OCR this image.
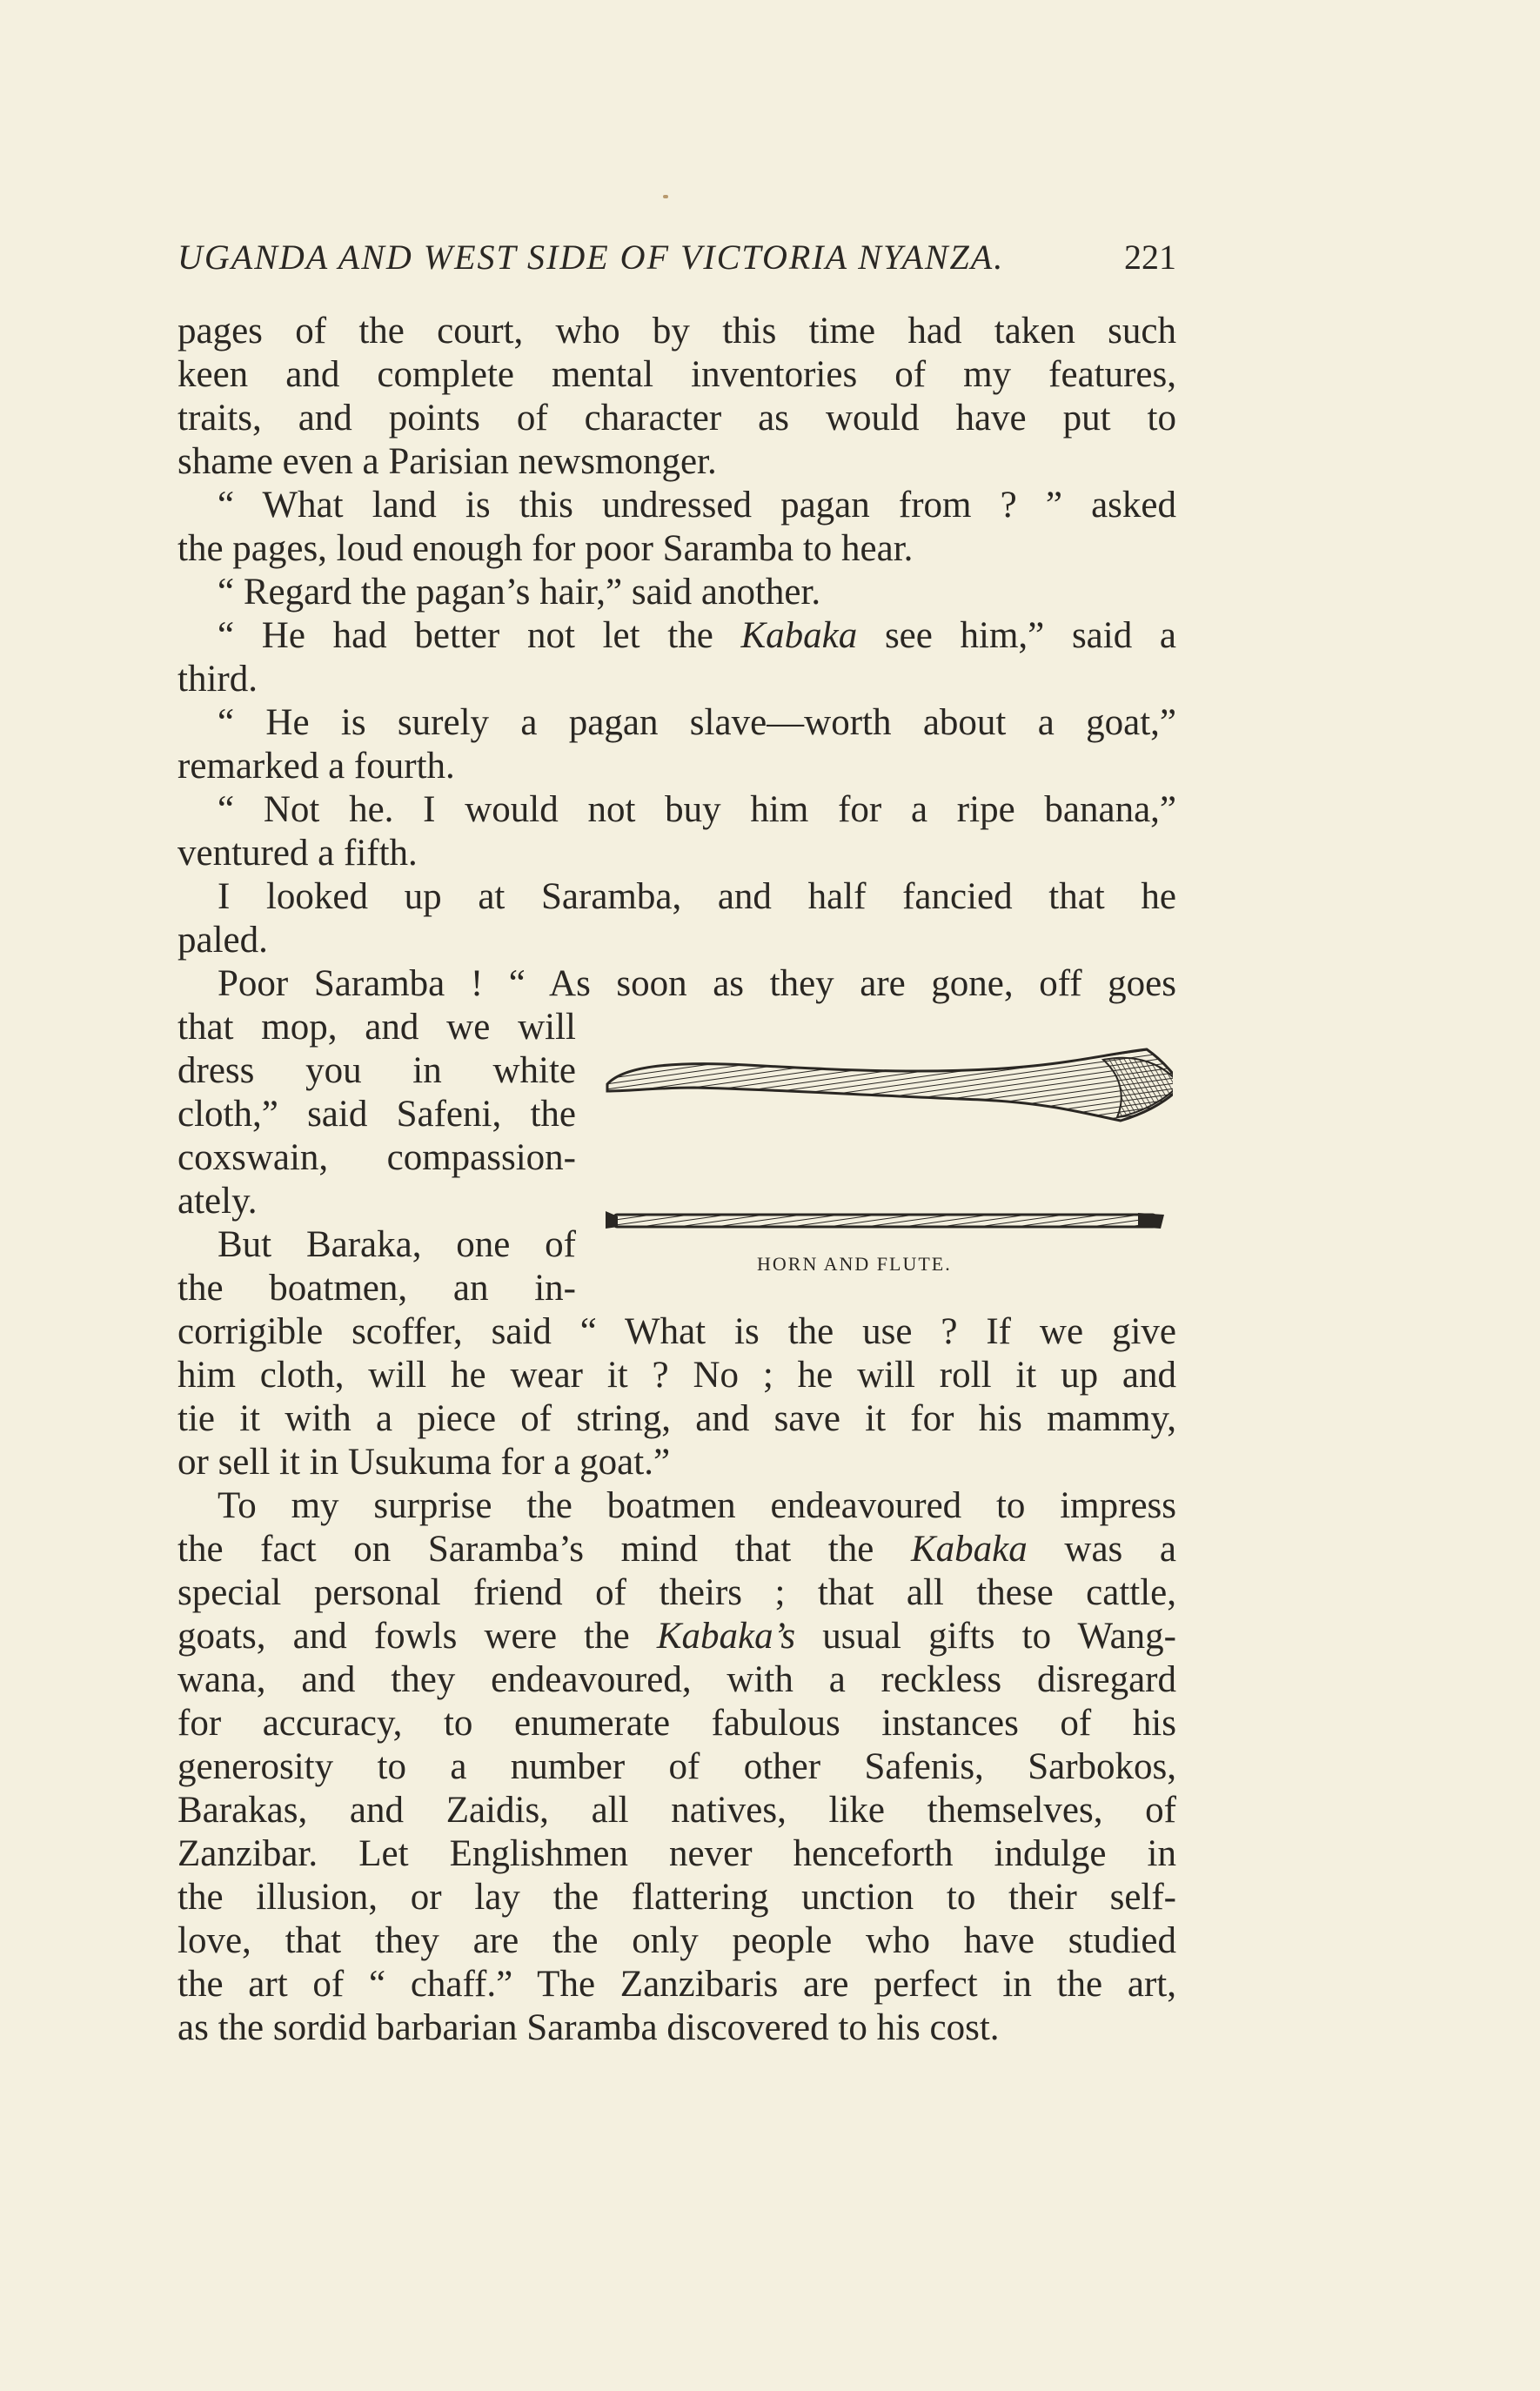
UGANDA AND WEST SIDE OF VICTORIA NYANZA.	221
pages of the court, who by this time had taken such
keen and complete mental inventories of my features,
traits, and points of character as would have put to
shame even a Parisian newsmonger.
“ What land is this undressed pagan from ? ” asked
the pages, loud enough for poor Saramba to hear.
“ Regard the pagan’s hair,” said another.
“ He had better not let the Kabaka see him,” said a
third.
“ He is surely a pagan slave—worth about a goat,”
remarked a fourth.
“ Not he. I would not buy him for a ripe banana,”
ventured a fifth.
I looked up at Saramba, and half fancied that he
paled.
Poor Saramba ! “ As soon as they are gone, off goes
that mop, and we will
dress you in white
cloth,” said Safeni, the
coxswain, compassion-
ately.
But Baraka, one of
the boatmen, an in-
HORN AND FLUTE.
corrigible scoffer, said “ What is the use ? If we give
him cloth, will he wear it ? No ; he will roll it up and
tie it with a piece of string, and save it for his mammy,
or sell it in Usukuma for a goat.”
To my surprise the boatmen endeavoured to impress
the fact on Saramba’s mind that the Kabaka was a
special personal friend of theirs ; that all these cattle,
goats, and fowls were the Kabaka’s usual gifts to Wang-
wana, and they endeavoured, with a reckless disregard
for accuracy, to enumerate fabulous instances of his
generosity to a number of other Safenis, Sarbokos,
Barakas, and Zaidis, all natives, like themselves, of
Zanzibar. Let Englishmen never henceforth indulge in
the illusion, or lay the flattering unction to their self-
love, that they are the only people who have studied
the art of “ chaff.” The Zanzibaris are perfect in the art,
as the sordid barbarian Saramba discovered to his cost.
